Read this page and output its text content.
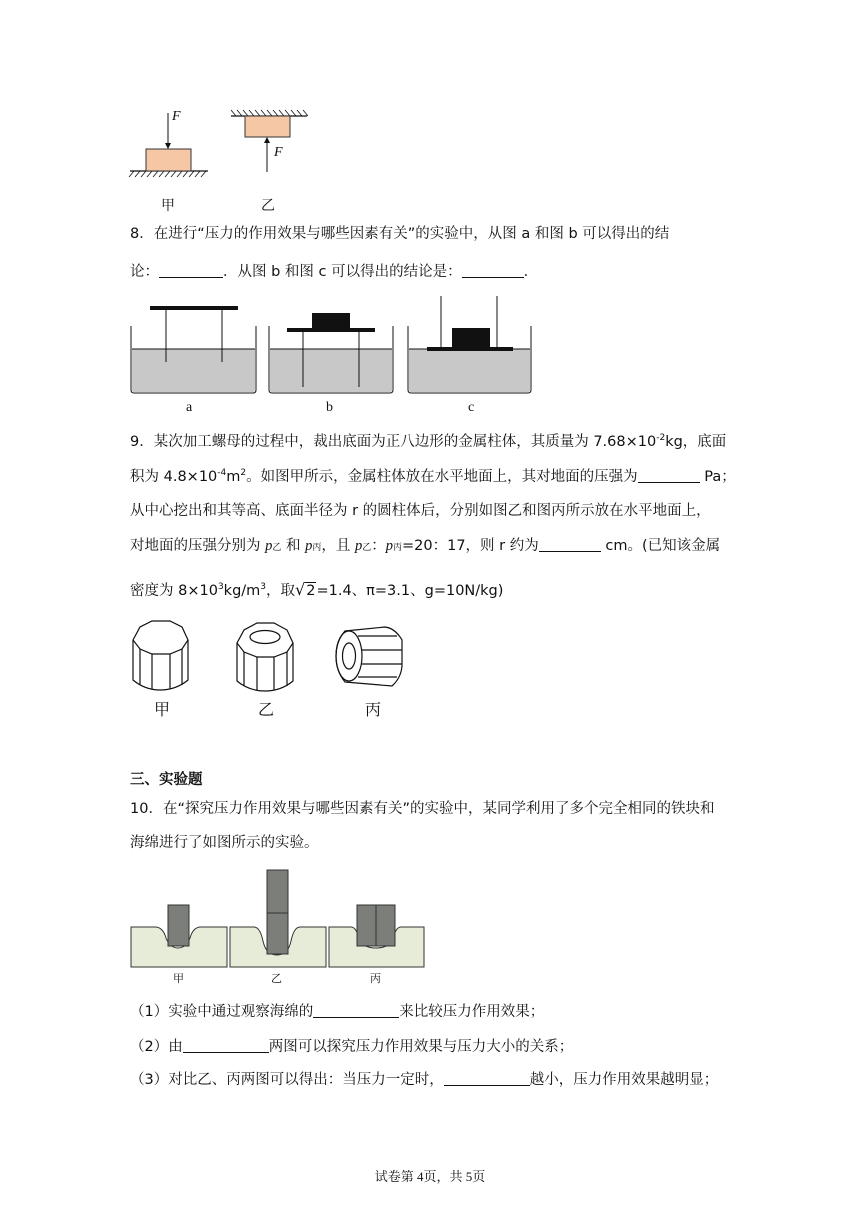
F
F
甲	乙
8．在进行“压力的作用效果与哪些因素有关”的实验中，从图 a 和图 b 可以得出的结
论：	．从图 b 和图 c 可以得出的结论是：	．
a	b	c
9．某次加工螺母的过程中，裁出底面为正八边形的金属柱体，其质量为 $7.68\times 10^{-2}kg$，底面
积为 $4.8\times 10^{-4}m^2$。如图甲所示，金属柱体放在水平地面上，其对地面的压强为	Pa；
从中心挖出和其等高、底面半径为 r 的圆柱体后，分别如图乙和图丙所示放在水平地面上，
对地面的压强分别为 p乙 和 p丙，且 p乙：p丙=20：17，则 r 约为	cm。(已知该金属
密度为 $8\times 10^3kg/m^3$，取√2=1.4、π=3.1、g=10N/kg)
甲	乙	丙
三、实验题
10．在“探究压力作用效果与哪些因素有关”的实验中，某同学利用了多个完全相同的铁块和
海绵进行了如图所示的实验。
甲	乙	丙
（1）实验中通过观察海绵的	来比较压力作用效果；
（2）由	两图可以探究压力作用效果与压力大小的关系；
（3）对比乙、丙两图可以得出：当压力一定时，	越小，压力作用效果越明显；
试卷第 4页，共 5页
